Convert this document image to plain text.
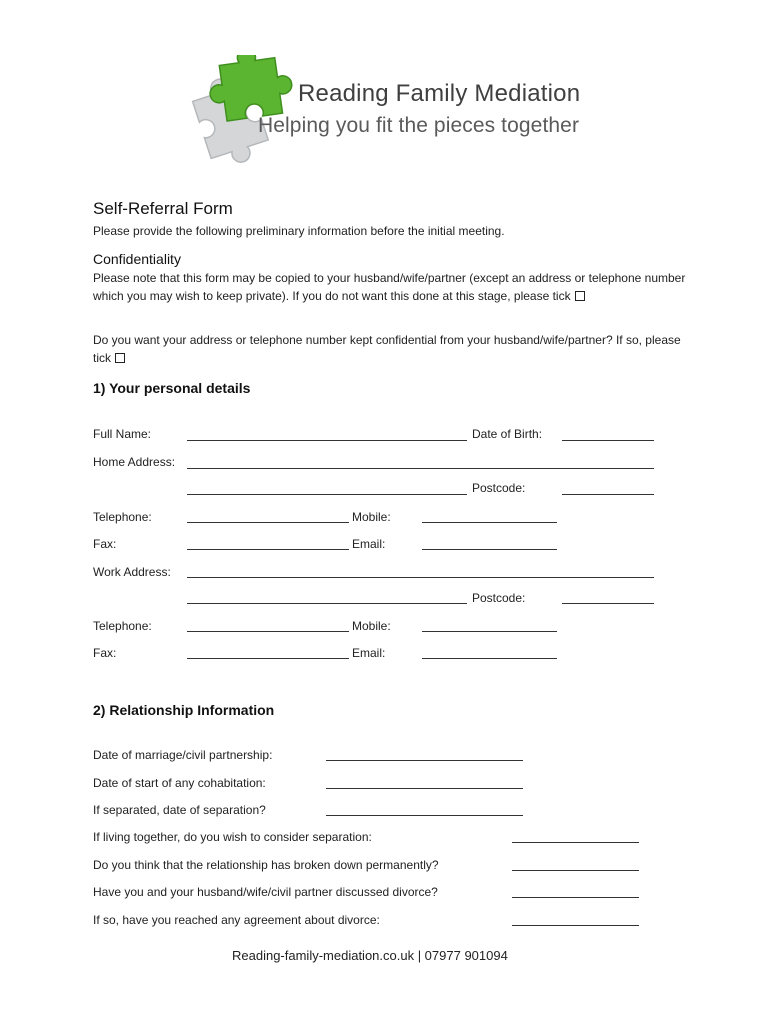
Reading Family Mediation
Helping you fit the pieces together
Self-Referral Form
Please provide the following preliminary information before the initial meeting.
Confidentiality
Please note that this form may be copied to your husband/wife/partner (except an address or telephone number which you may wish to keep private). If you do not want this done at this stage, please tick
Do you want your address or telephone number kept confidential from your husband/wife/partner? If so, please tick
1) Your personal details
Full Name:	Date of Birth:
Home Address:
Postcode:
Telephone:	Mobile:
Fax:	Email:
Work Address:
Postcode:
Telephone:	Mobile:
Fax:	Email:
2) Relationship Information
Date of marriage/civil partnership:
Date of start of any cohabitation:
If separated, date of separation?
If living together, do you wish to consider separation:
Do you think that the relationship has broken down permanently?
Have you and your husband/wife/civil partner discussed divorce?
If so, have you reached any agreement about divorce:
Reading-family-mediation.co.uk | 07977 901094
